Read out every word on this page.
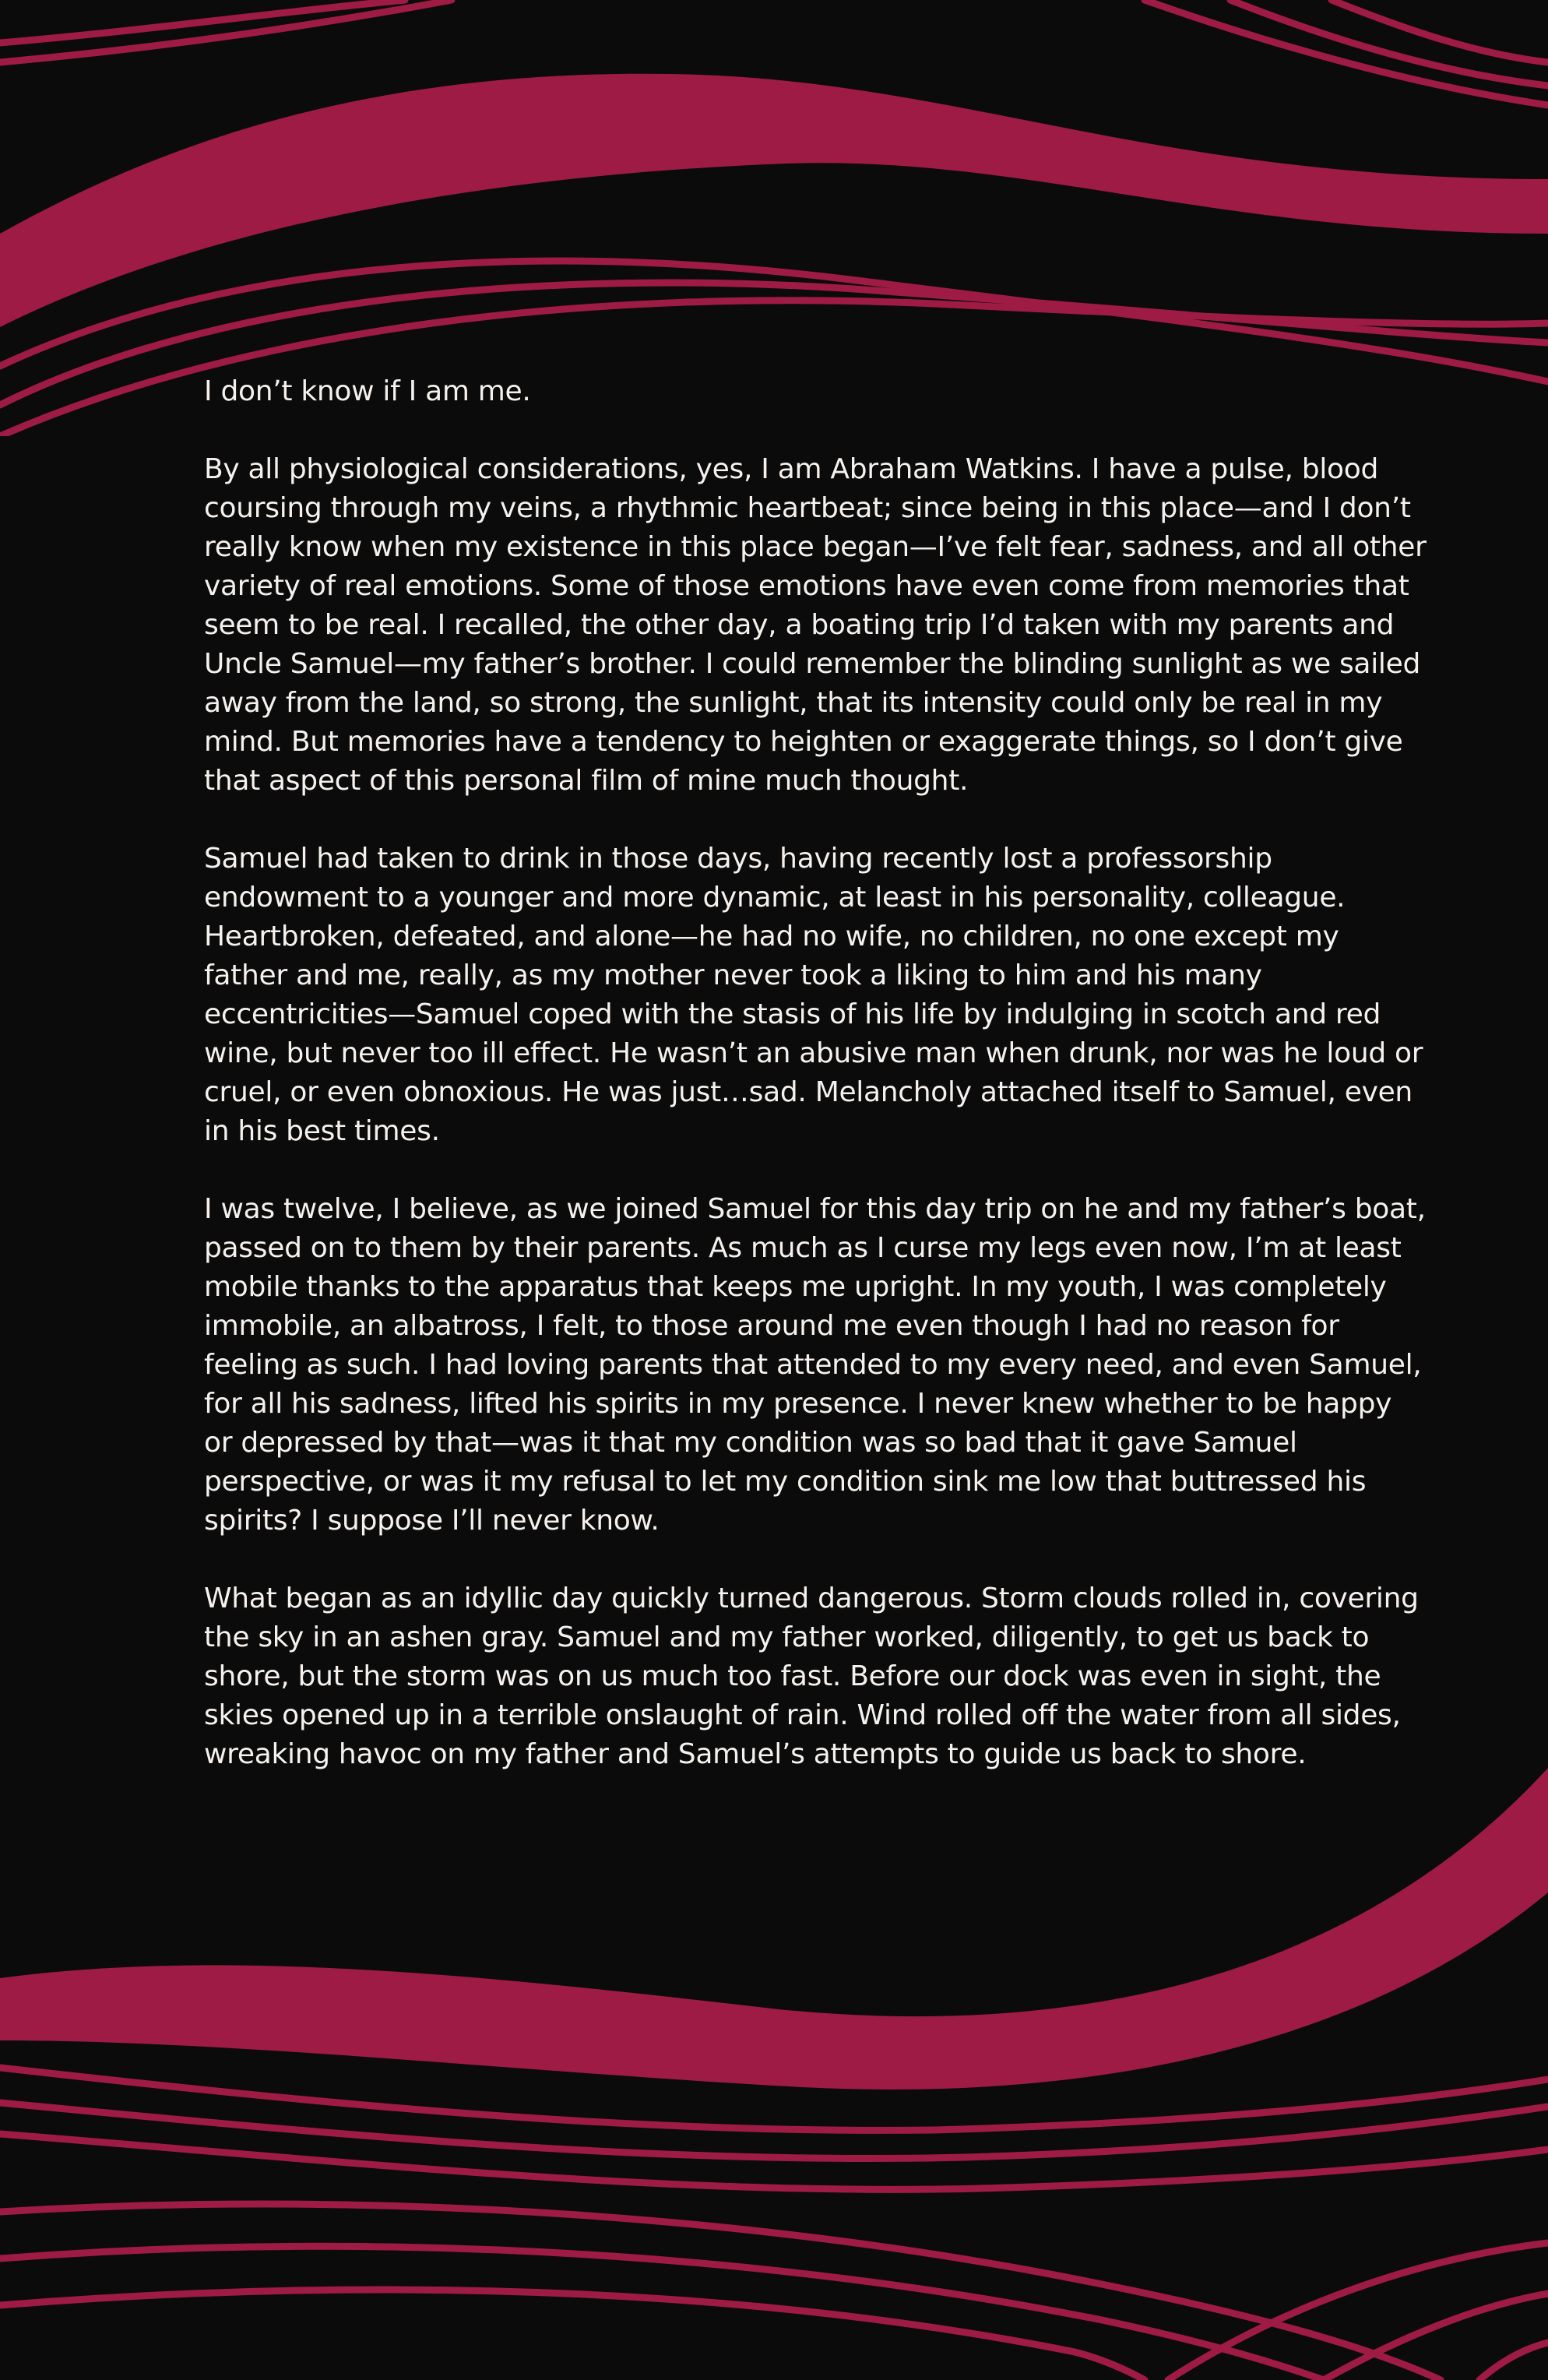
I don’t know if I am me.

By all physiological considerations, yes, I am Abraham Watkins. I have a pulse, blood coursing through my veins, a rhythmic heartbeat; since being in this place—and I don’t really know when my existence in this place began—I’ve felt fear, sadness, and all other variety of real emotions. Some of those emotions have even come from memories that seem to be real. I recalled, the other day, a boating trip I’d taken with my parents and Uncle Samuel—my father’s brother. I could remember the blinding sunlight as we sailed away from the land, so strong, the sunlight, that its intensity could only be real in my mind. But memories have a tendency to heighten or exaggerate things, so I don’t give that aspect of this personal film of mine much thought.

Samuel had taken to drink in those days, having recently lost a professorship endowment to a younger and more dynamic, at least in his personality, colleague. Heartbroken, defeated, and alone—he had no wife, no children, no one except my father and me, really, as my mother never took a liking to him and his many eccentricities—Samuel coped with the stasis of his life by indulging in scotch and red wine, but never too ill effect. He wasn’t an abusive man when drunk, nor was he loud or cruel, or even obnoxious. He was just…sad. Melancholy attached itself to Samuel, even in his best times.

I was twelve, I believe, as we joined Samuel for this day trip on he and my father’s boat, passed on to them by their parents. As much as I curse my legs even now, I’m at least mobile thanks to the apparatus that keeps me upright. In my youth, I was completely immobile, an albatross, I felt, to those around me even though I had no reason for feeling as such. I had loving parents that attended to my every need, and even Samuel, for all his sadness, lifted his spirits in my presence. I never knew whether to be happy or depressed by that—was it that my condition was so bad that it gave Samuel perspective, or was it my refusal to let my condition sink me low that buttressed his spirits? I suppose I’ll never know.

What began as an idyllic day quickly turned dangerous. Storm clouds rolled in, covering the sky in an ashen gray. Samuel and my father worked, diligently, to get us back to shore, but the storm was on us much too fast. Before our dock was even in sight, the skies opened up in a terrible onslaught of rain. Wind rolled off the water from all sides, wreaking havoc on my father and Samuel’s attempts to guide us back to shore.
